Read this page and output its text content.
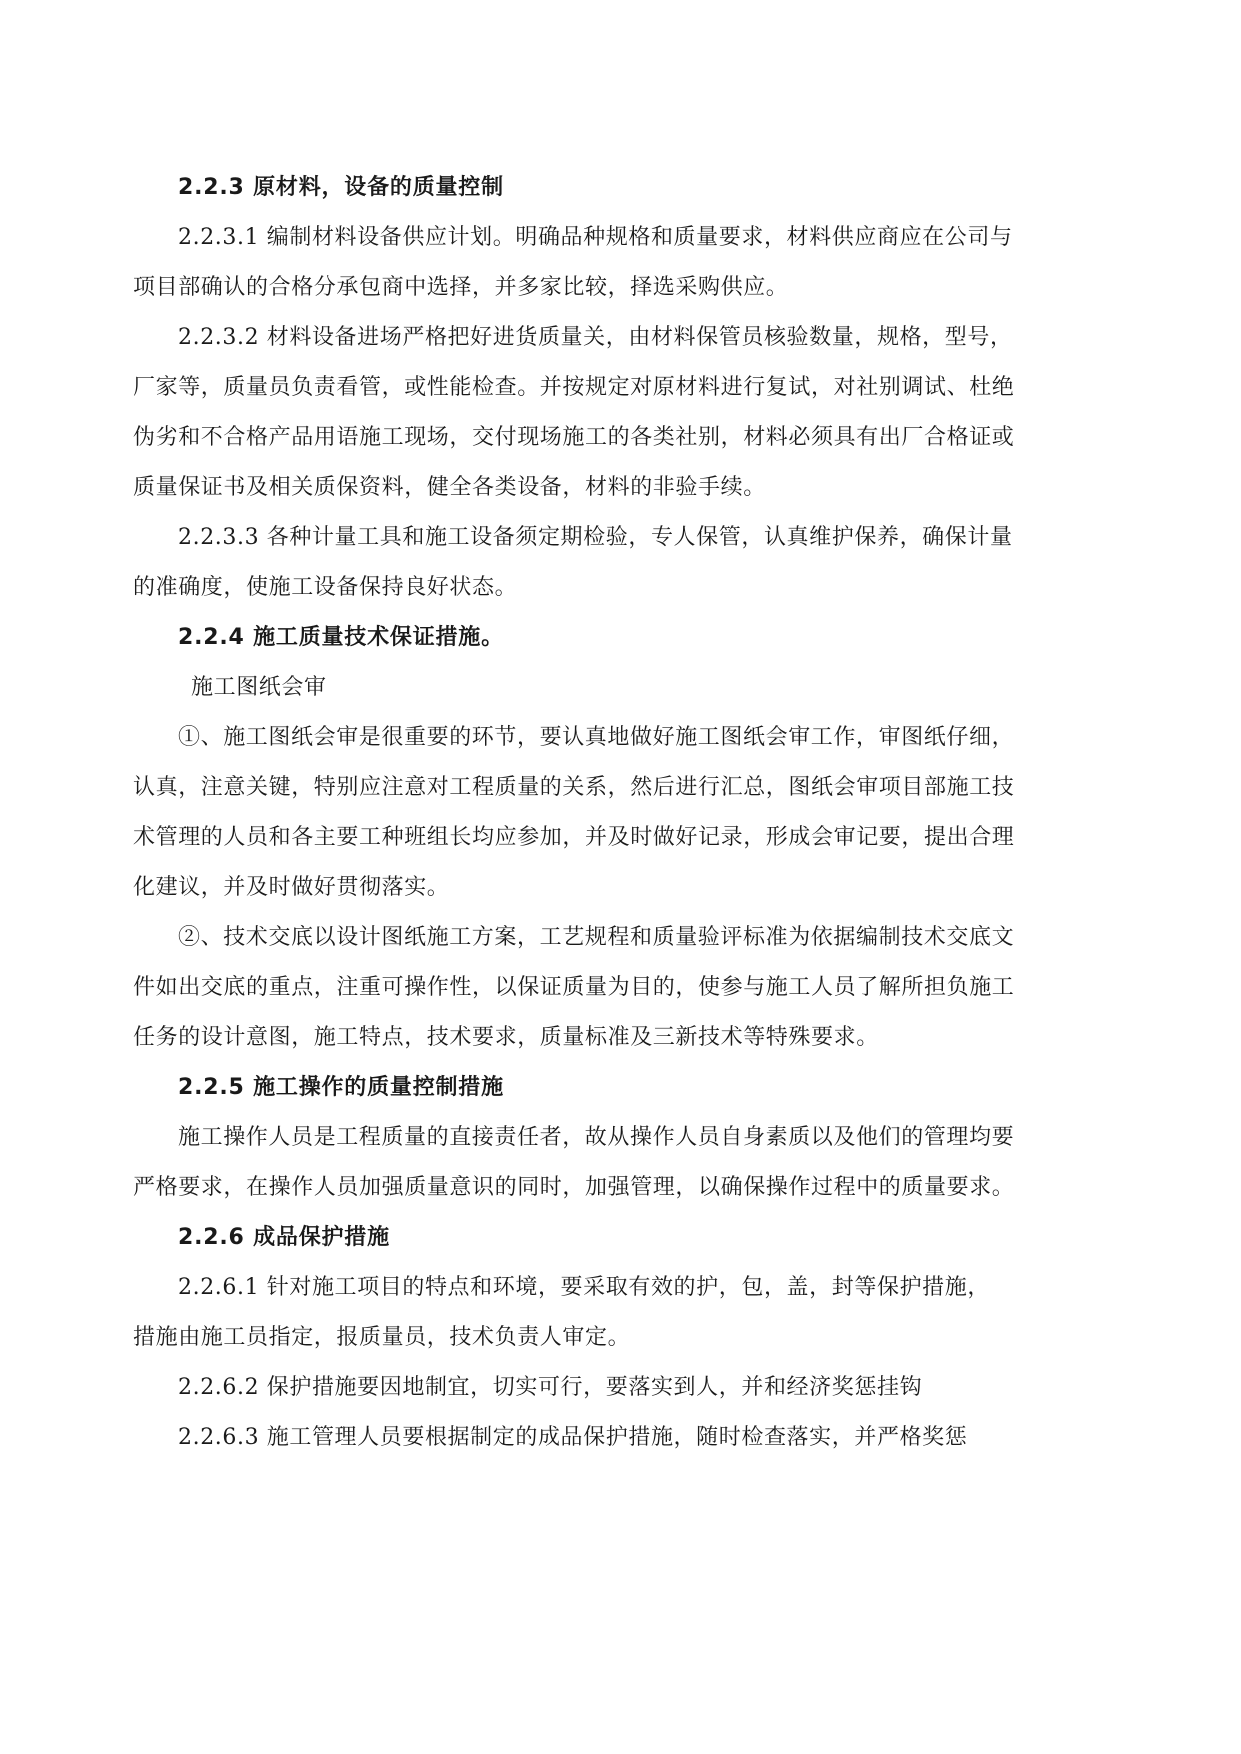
2.2.3 原材料，设备的质量控制
2.2.3.1 编制材料设备供应计划。明确品种规格和质量要求，材料供应商应在公司与
项目部确认的合格分承包商中选择，并多家比较，择选采购供应。
2.2.3.2 材料设备进场严格把好进货质量关，由材料保管员核验数量，规格，型号，
厂家等，质量员负责看管，或性能检查。并按规定对原材料进行复试，对社别调试、杜绝
伪劣和不合格产品用语施工现场，交付现场施工的各类社别，材料必须具有出厂合格证或
质量保证书及相关质保资料，健全各类设备，材料的非验手续。
2.2.3.3 各种计量工具和施工设备须定期检验，专人保管，认真维护保养，确保计量
的准确度，使施工设备保持良好状态。
2.2.4 施工质量技术保证措施。
施工图纸会审
①、施工图纸会审是很重要的环节，要认真地做好施工图纸会审工作，审图纸仔细，
认真，注意关键，特别应注意对工程质量的关系，然后进行汇总，图纸会审项目部施工技
术管理的人员和各主要工种班组长均应参加，并及时做好记录，形成会审记要，提出合理
化建议，并及时做好贯彻落实。
②、技术交底以设计图纸施工方案，工艺规程和质量验评标准为依据编制技术交底文
件如出交底的重点，注重可操作性，以保证质量为目的，使参与施工人员了解所担负施工
任务的设计意图，施工特点，技术要求，质量标准及三新技术等特殊要求。
2.2.5 施工操作的质量控制措施
施工操作人员是工程质量的直接责任者，故从操作人员自身素质以及他们的管理均要
严格要求，在操作人员加强质量意识的同时，加强管理，以确保操作过程中的质量要求。
2.2.6 成品保护措施
2.2.6.1 针对施工项目的特点和环境，要采取有效的护，包，盖，封等保护措施，
措施由施工员指定，报质量员，技术负责人审定。
2.2.6.2 保护措施要因地制宜，切实可行，要落实到人，并和经济奖惩挂钩
2.2.6.3 施工管理人员要根据制定的成品保护措施，随时检查落实，并严格奖惩
